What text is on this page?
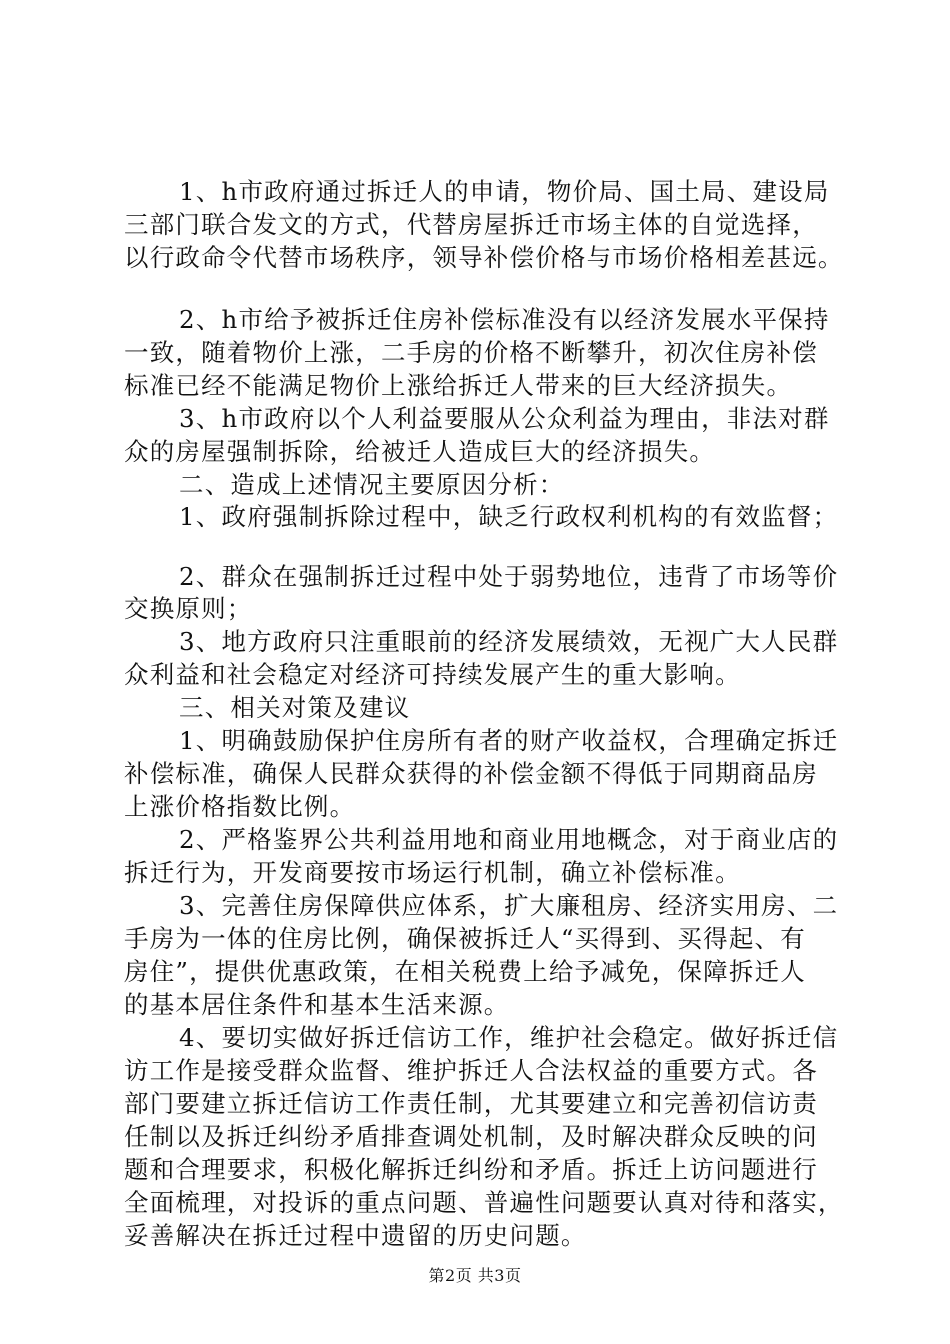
1、h市政府通过拆迁人的申请，物价局、国土局、建设局
三部门联合发文的方式，代替房屋拆迁市场主体的自觉选择，
以行政命令代替市场秩序，领导补偿价格与市场价格相差甚远。
2、h市给予被拆迁住房补偿标准没有以经济发展水平保持
一致，随着物价上涨，二手房的价格不断攀升，初次住房补偿
标准已经不能满足物价上涨给拆迁人带来的巨大经济损失。
3、h市政府以个人利益要服从公众利益为理由，非法对群
众的房屋强制拆除，给被迁人造成巨大的经济损失。
二、造成上述情况主要原因分析：
1、政府强制拆除过程中，缺乏行政权利机构的有效监督；
2、群众在强制拆迁过程中处于弱势地位，违背了市场等价
交换原则；
3、地方政府只注重眼前的经济发展绩效，无视广大人民群
众利益和社会稳定对经济可持续发展产生的重大影响。
三、相关对策及建议
1、明确鼓励保护住房所有者的财产收益权，合理确定拆迁
补偿标准，确保人民群众获得的补偿金额不得低于同期商品房
上涨价格指数比例。
2、严格鉴界公共利益用地和商业用地概念，对于商业店的
拆迁行为，开发商要按市场运行机制，确立补偿标准。
3、完善住房保障供应体系，扩大廉租房、经济实用房、二
手房为一体的住房比例，确保被拆迁人“买得到、买得起、有
房住”，提供优惠政策，在相关税费上给予减免，保障拆迁人
的基本居住条件和基本生活来源。
4、要切实做好拆迁信访工作，维护社会稳定。做好拆迁信
访工作是接受群众监督、维护拆迁人合法权益的重要方式。各
部门要建立拆迁信访工作责任制，尤其要建立和完善初信访责
任制以及拆迁纠纷矛盾排查调处机制，及时解决群众反映的问
题和合理要求，积极化解拆迁纠纷和矛盾。拆迁上访问题进行
全面梳理，对投诉的重点问题、普遍性问题要认真对待和落实，
妥善解决在拆迁过程中遗留的历史问题。
第2页 共3页
